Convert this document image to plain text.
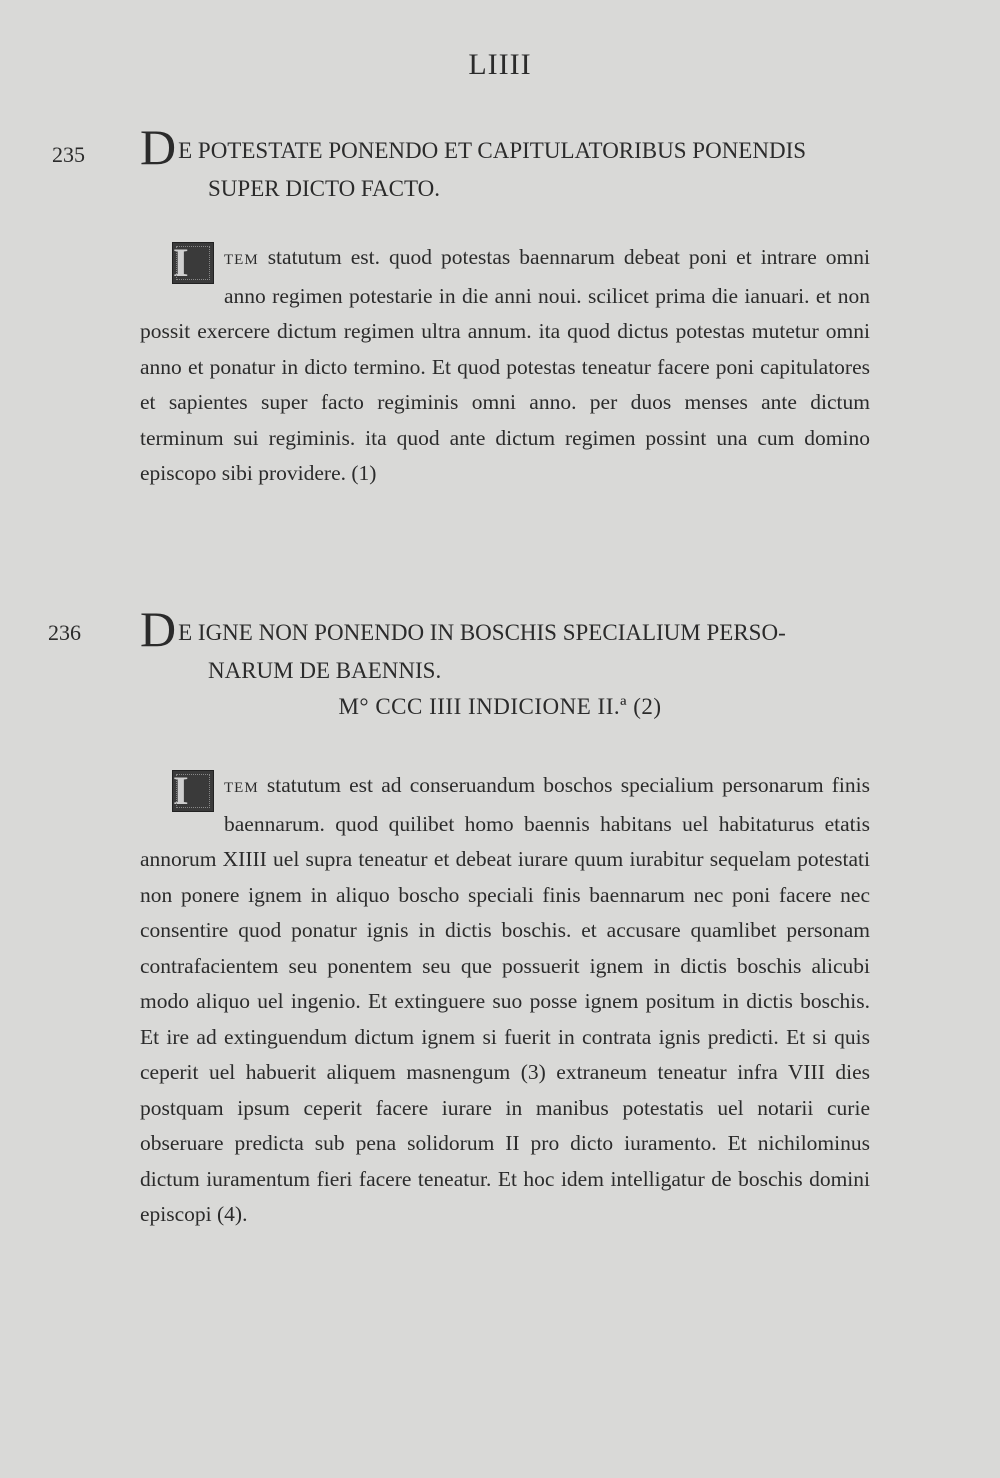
LIIII
235 DE POTESTATE PONENDO ET CAPITULATORIBUS PONENDIS
SUPER DICTO FACTO.
I	TEM statutum est. quod potestas baennarum debeat poni et intrare omni anno regimen potestarie in die anni noui. scilicet prima die ianuari. et non possit exercere dictum regimen ultra annum. ita quod dictus potestas mutetur omni anno et ponatur in dicto termino. Et quod potestas teneatur facere poni capitulatores et sapientes super facto regiminis omni anno. per duos menses ante dictum terminum sui regiminis. ita quod ante dictum regimen possint una cum domino episcopo sibi providere. (1)
236 DE IGNE NON PONENDO IN BOSCHIS SPECIALIUM PERSO-
NARUM DE BAENNIS.
M° CCC IIII INDICIONE II.ª (2)
I	TEM statutum est ad conseruandum boschos specialium personarum finis baennarum. quod quilibet homo baennis habitans uel habitaturus etatis annorum XIIII uel supra teneatur et debeat iurare quum iurabitur sequelam potestati non ponere ignem in aliquo boscho speciali finis baennarum nec poni facere nec consentire quod ponatur ignis in dictis boschis. et accusare quamlibet personam contrafacientem seu ponentem seu que possuerit ignem in dictis boschis alicubi modo aliquo uel ingenio. Et extinguere suo posse ignem positum in dictis boschis. Et ire ad extinguendum dictum ignem si fuerit in contrata ignis predicti. Et si quis ceperit uel habuerit aliquem masnengum (3) extraneum teneatur infra VIII dies postquam ipsum ceperit facere iurare in manibus potestatis uel notarii curie obseruare predicta sub pena solidorum II pro dicto iuramento. Et nichilominus dictum iuramentum fieri facere teneatur. Et hoc idem intelligatur de boschis domini episcopi (4).
